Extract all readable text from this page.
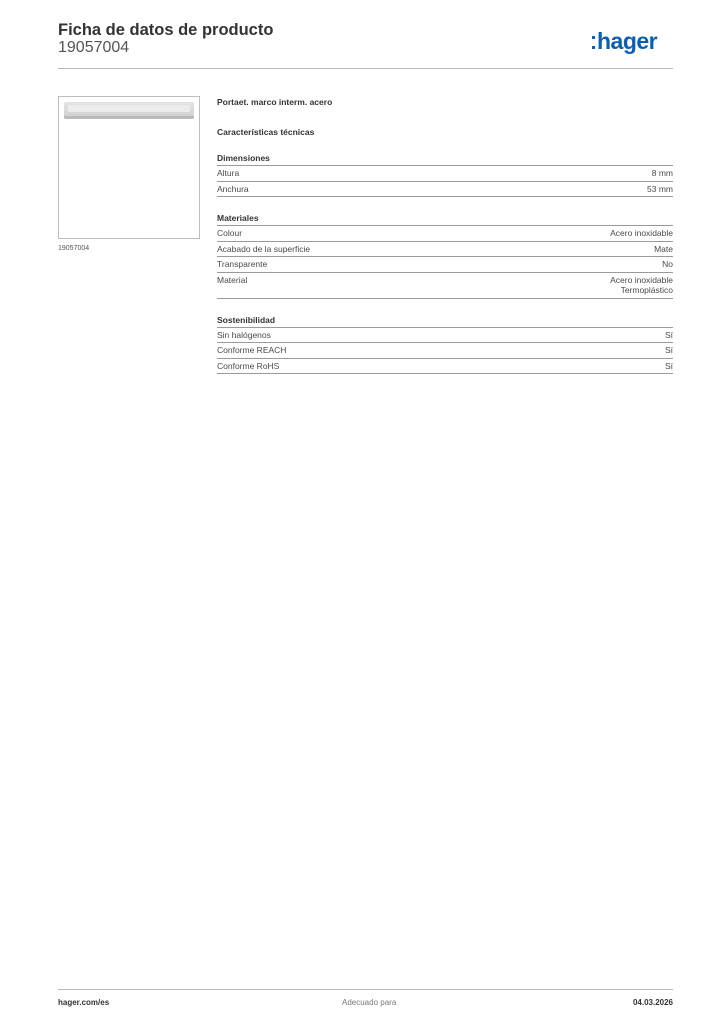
Ficha de datos de producto
19057004	hager
19057004
Portaet. marco interm. acero
Características técnicas
Dimensiones
Altura	8 mm
Anchura	53 mm
Materiales
Colour	Acero inoxidable
Acabado de la superficie	Mate
Transparente	No
Material	Acero inoxidable
Termoplástico
Sostenibilidad
Sin halógenos	Sí
Conforme REACH	Sí
Conforme RoHS	Sí
hager.com/es	Adecuado para	04.03.2026
